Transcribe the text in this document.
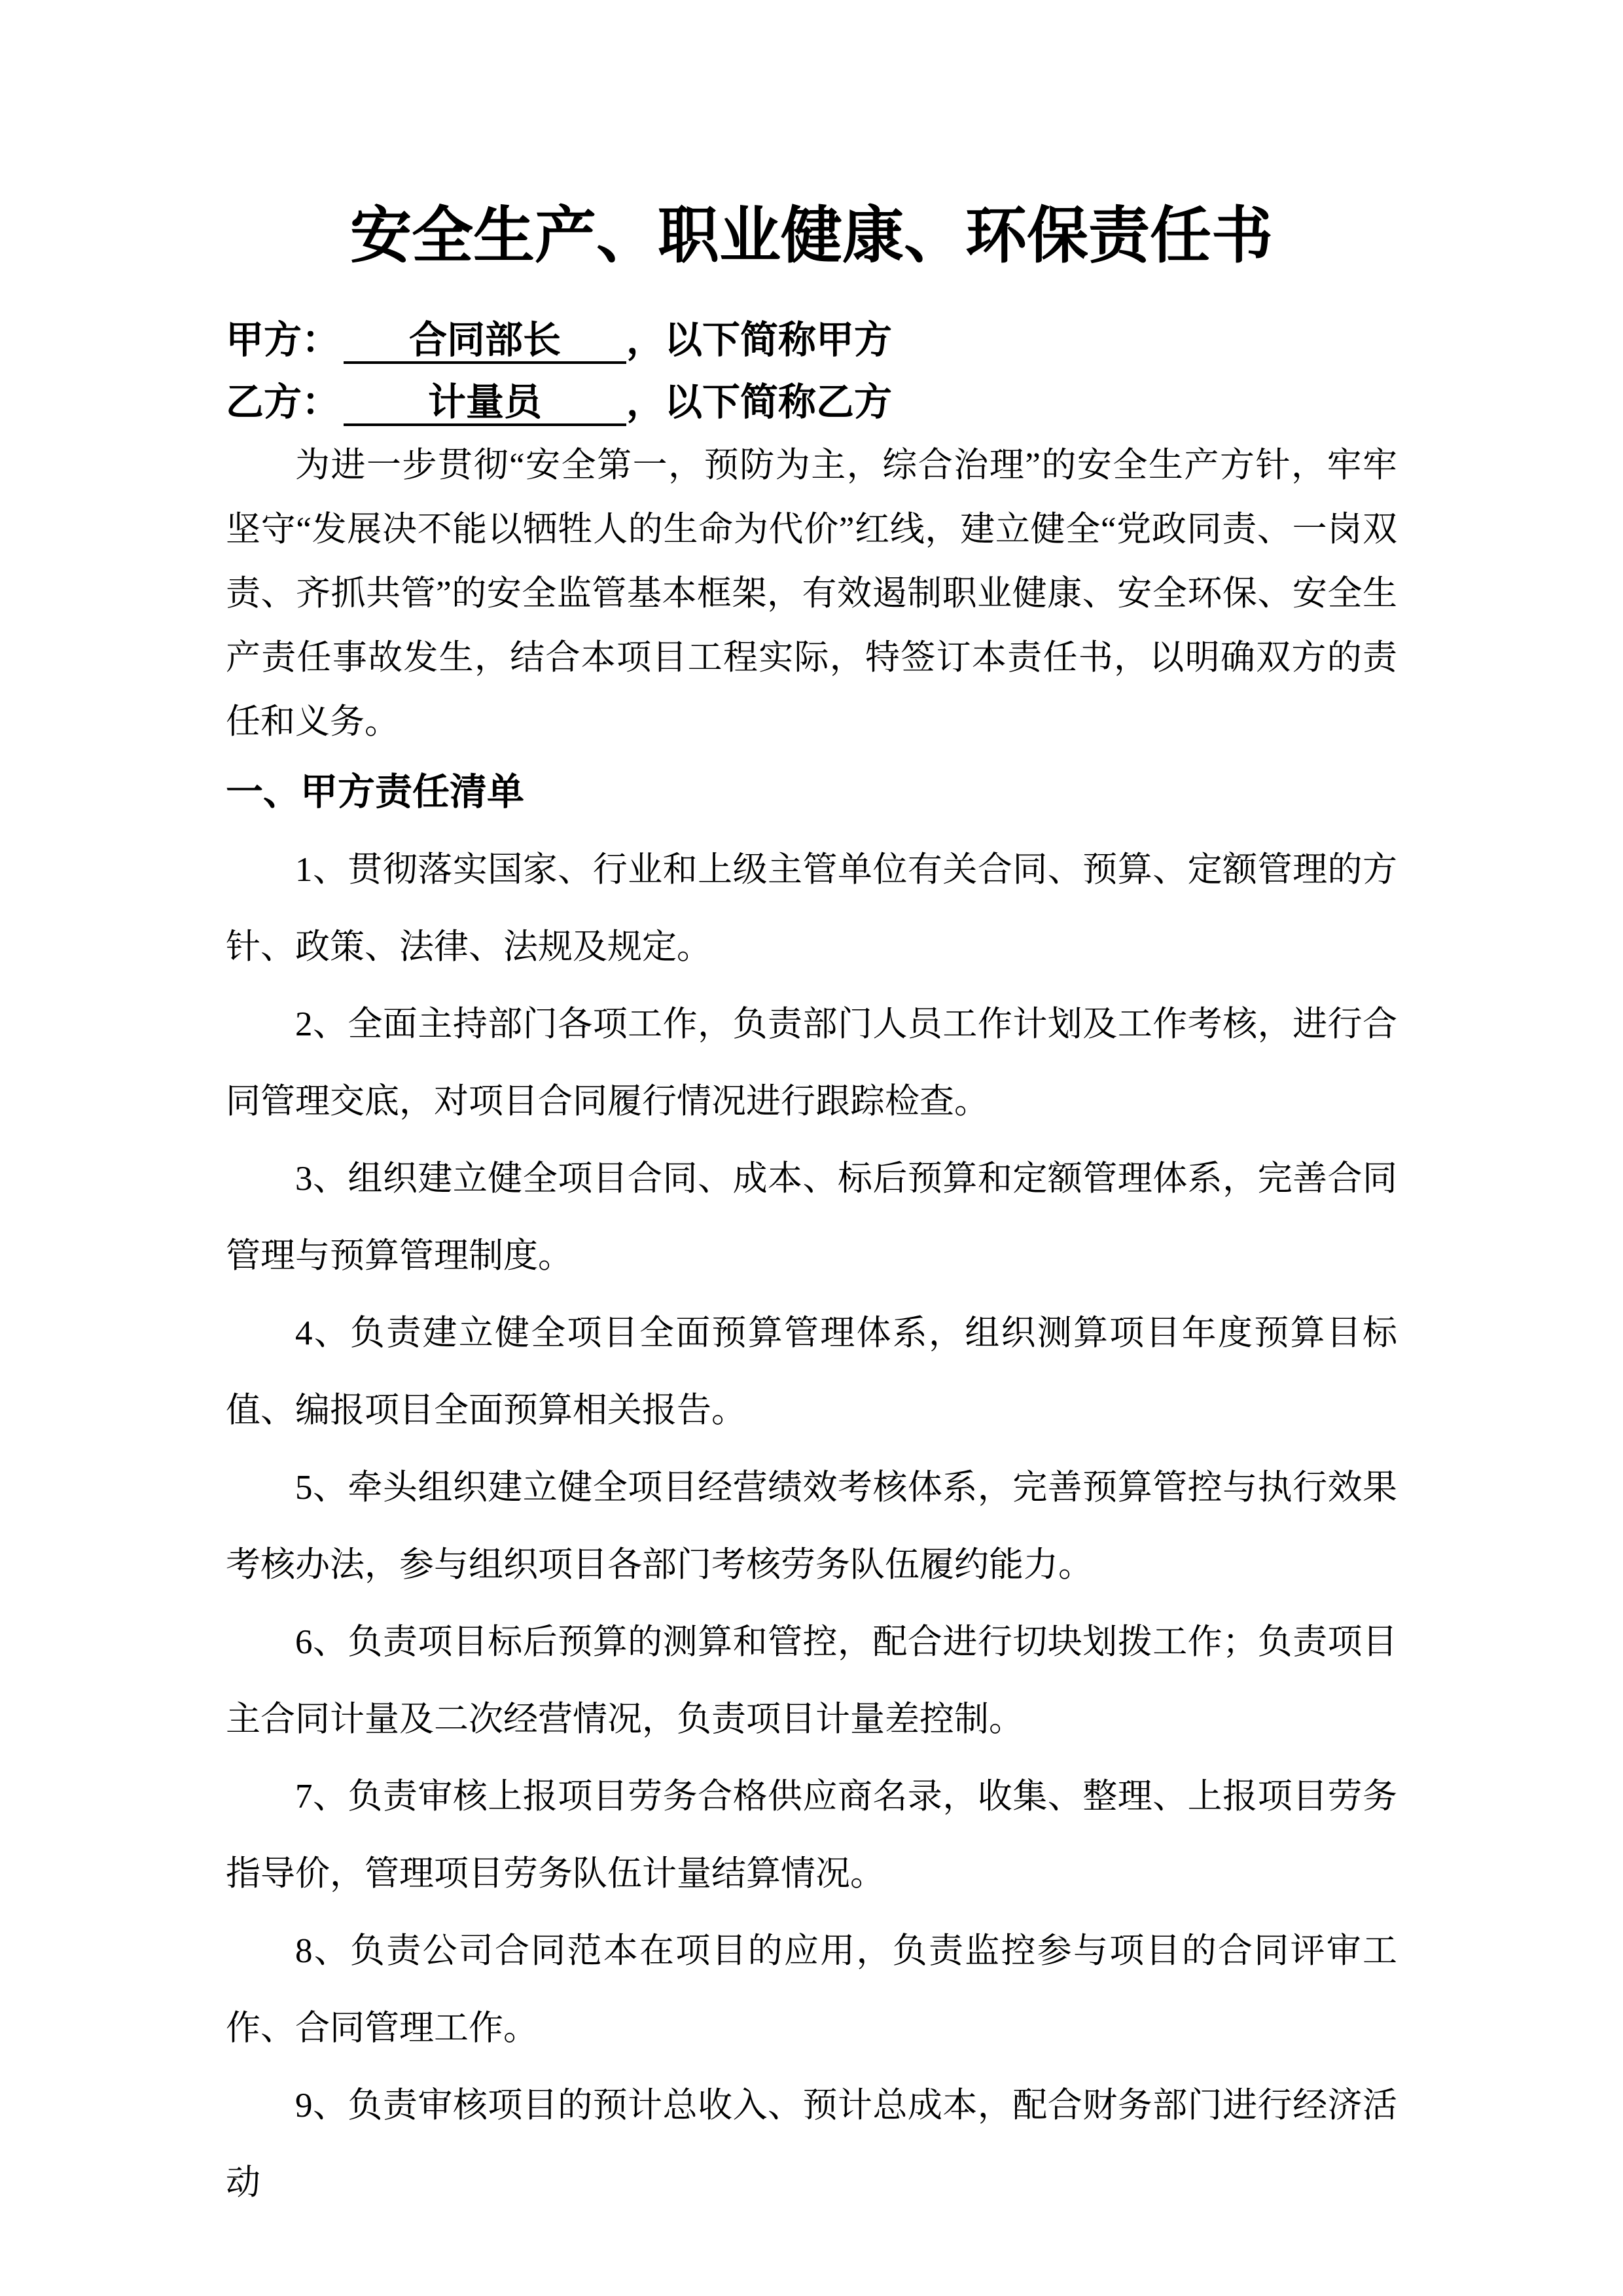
安全生产、职业健康、环保责任书

甲方： 合同部长 ，以下简称甲方

乙方： 计量员 ，以下简称乙方

为进一步贯彻“安全第一，预防为主，综合治理”的安全生产方针，牢牢坚守“发展决不能以牺牲人的生命为代价”红线，建立健全“党政同责、一岗双责、齐抓共管”的安全监管基本框架，有效遏制职业健康、安全环保、安全生产责任事故发生，结合本项目工程实际，特签订本责任书，以明确双方的责任和义务。

一、甲方责任清单

1、贯彻落实国家、行业和上级主管单位有关合同、预算、定额管理的方针、政策、法律、法规及规定。

2、全面主持部门各项工作，负责部门人员工作计划及工作考核，进行合同管理交底，对项目合同履行情况进行跟踪检查。

3、组织建立健全项目合同、成本、标后预算和定额管理体系，完善合同管理与预算管理制度。

4、负责建立健全项目全面预算管理体系，组织测算项目年度预算目标值、编报项目全面预算相关报告。

5、牵头组织建立健全项目经营绩效考核体系，完善预算管控与执行效果考核办法，参与组织项目各部门考核劳务队伍履约能力。

6、负责项目标后预算的测算和管控，配合进行切块划拨工作；负责项目主合同计量及二次经营情况，负责项目计量差控制。

7、负责审核上报项目劳务合格供应商名录，收集、整理、上报项目劳务指导价，管理项目劳务队伍计量结算情况。

8、负责公司合同范本在项目的应用，负责监控参与项目的合同评审工作、合同管理工作。

9、负责审核项目的预计总收入、预计总成本，配合财务部门进行经济活动
